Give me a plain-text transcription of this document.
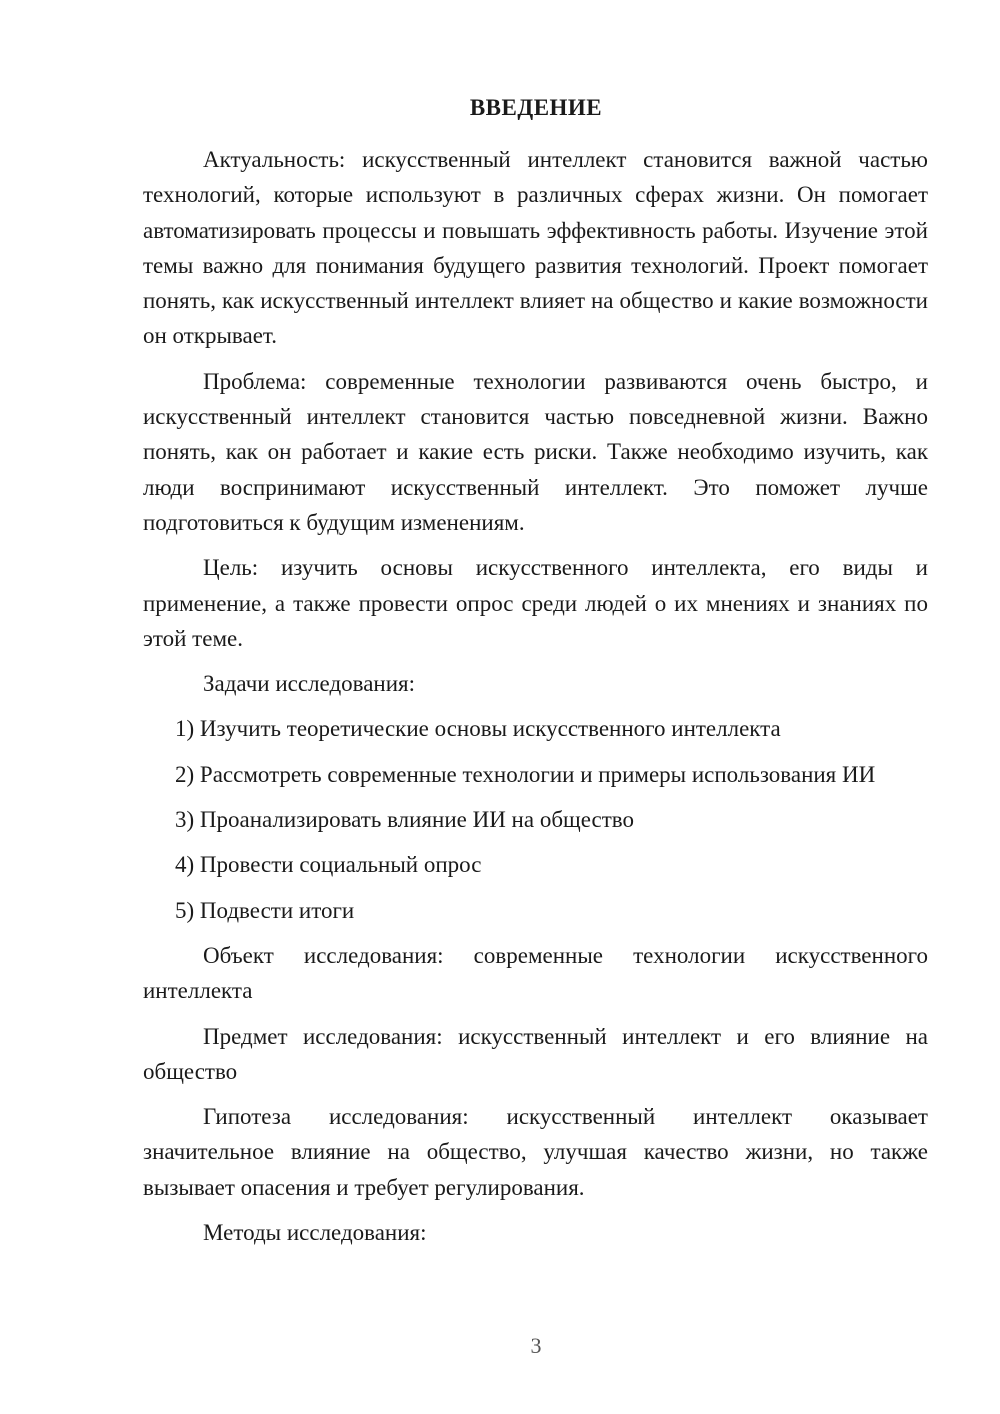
ВВЕДЕНИЕ

Актуальность: искусственный интеллект становится важной частью технологий, которые используют в различных сферах жизни. Он помогает автоматизировать процессы и повышать эффективность работы. Изучение этой темы важно для понимания будущего развития технологий. Проект помогает понять, как искусственный интеллект влияет на общество и какие возможности он открывает.

Проблема: современные технологии развиваются очень быстро, и искусственный интеллект становится частью повседневной жизни. Важно понять, как он работает и какие есть риски. Также необходимо изучить, как люди воспринимают искусственный интеллект. Это поможет лучше подготовиться к будущим изменениям.

Цель: изучить основы искусственного интеллекта, его виды и применение, а также провести опрос среди людей о их мнениях и знаниях по этой теме.

Задачи исследования:

1) Изучить теоретические основы искусственного интеллекта

2) Рассмотреть современные технологии и примеры использования ИИ

3) Проанализировать влияние ИИ на общество

4) Провести социальный опрос

5) Подвести итоги

Объект исследования: современные технологии искусственного интеллекта

Предмет исследования: искусственный интеллект и его влияние на общество

Гипотеза исследования: искусственный интеллект оказывает значительное влияние на общество, улучшая качество жизни, но также вызывает опасения и требует регулирования.

Методы исследования:

3
